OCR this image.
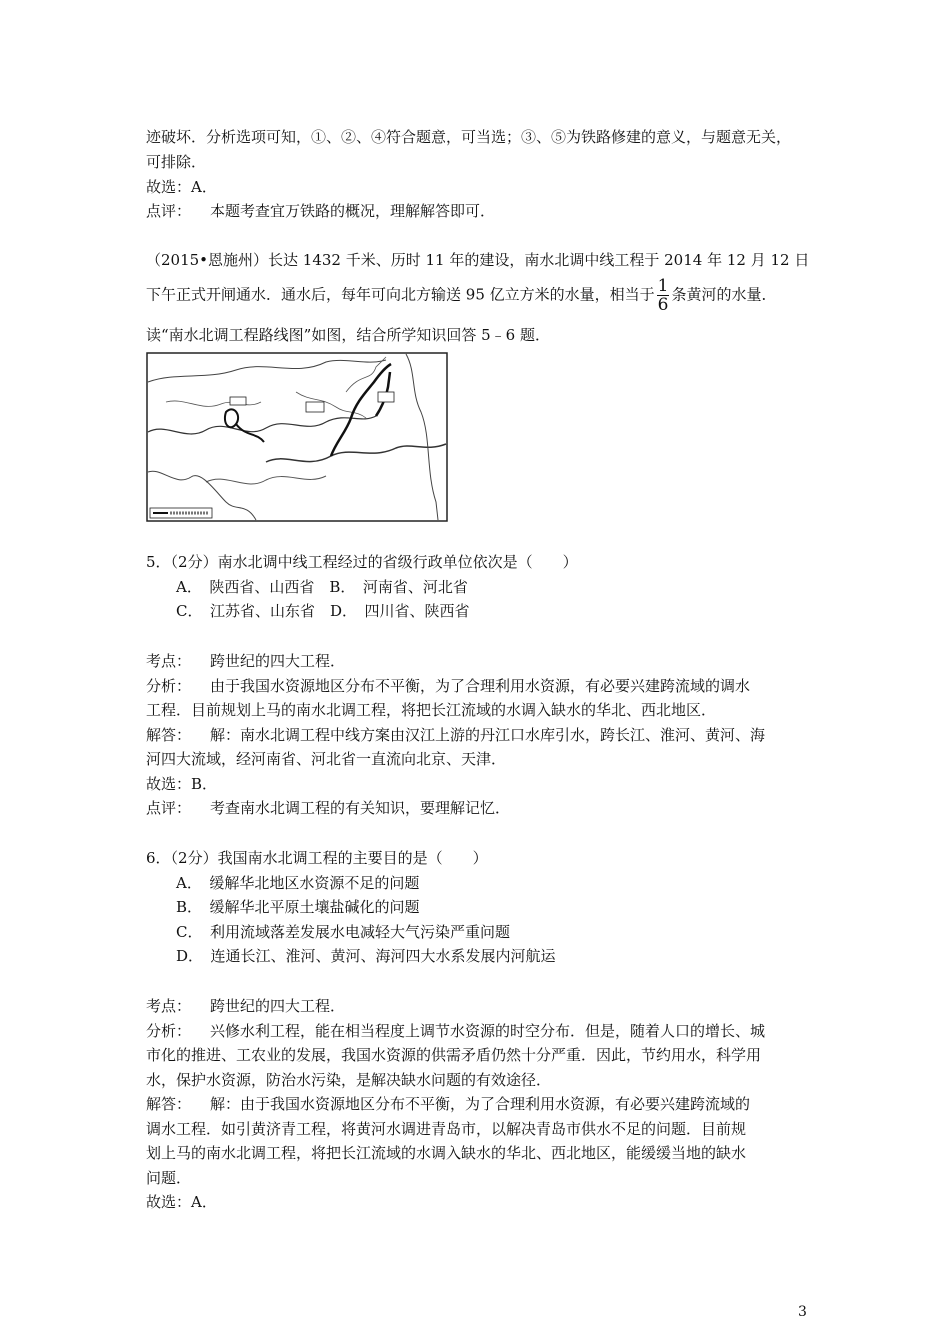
迹破坏．分析选项可知，①、②、④符合题意，可当选；③、⑤为铁路修建的意义，与题意无关，
可排除．
故选：A．
点评： 本题考查宜万铁路的概况，理解解答即可．
（2015•恩施州）长达 1432 千米、历时 11 年的建设，南水北调中线工程于 2014 年 12 月 12 日
下午正式开闸通水．通水后，每年可向北方输送 95 亿立方米的水量，相当于 $\frac{1}{6}$ 条黄河的水量．
读“南水北调工程路线图”如图，结合所学知识回答 5﹣6 题．
5．（2分）南水北调中线工程经过的省级行政单位依次是（　　）
A．　陕西省、山西省　B．　河南省、河北省
C．　江苏省、山东省　D．　四川省、陕西省
考点： 跨世纪的四大工程．
分析： 由于我国水资源地区分布不平衡，为了合理利用水资源，有必要兴建跨流域的调水
工程．目前规划上马的南水北调工程，将把长江流域的水调入缺水的华北、西北地区．
解答： 解：南水北调工程中线方案由汉江上游的丹江口水库引水，跨长江、淮河、黄河、海
河四大流域，经河南省、河北省一直流向北京、天津．
故选：B．
点评： 考查南水北调工程的有关知识，要理解记忆．
6．（2分）我国南水北调工程的主要目的是（　　）
A．　缓解华北地区水资源不足的问题
B．　缓解华北平原土壤盐碱化的问题
C．　利用流域落差发展水电减轻大气污染严重问题
D．　连通长江、淮河、黄河、海河四大水系发展内河航运
考点： 跨世纪的四大工程．
分析： 兴修水利工程，能在相当程度上调节水资源的时空分布．但是，随着人口的增长、城
市化的推进、工农业的发展，我国水资源的供需矛盾仍然十分严重．因此，节约用水，科学用
水，保护水资源，防治水污染，是解决缺水问题的有效途径．
解答： 解：由于我国水资源地区分布不平衡，为了合理利用水资源，有必要兴建跨流域的
调水工程．如引黄济青工程，将黄河水调进青岛市，以解决青岛市供水不足的问题．目前规
划上马的南水北调工程，将把长江流域的水调入缺水的华北、西北地区，能缓缓当地的缺水
问题．
故选：A．
3
